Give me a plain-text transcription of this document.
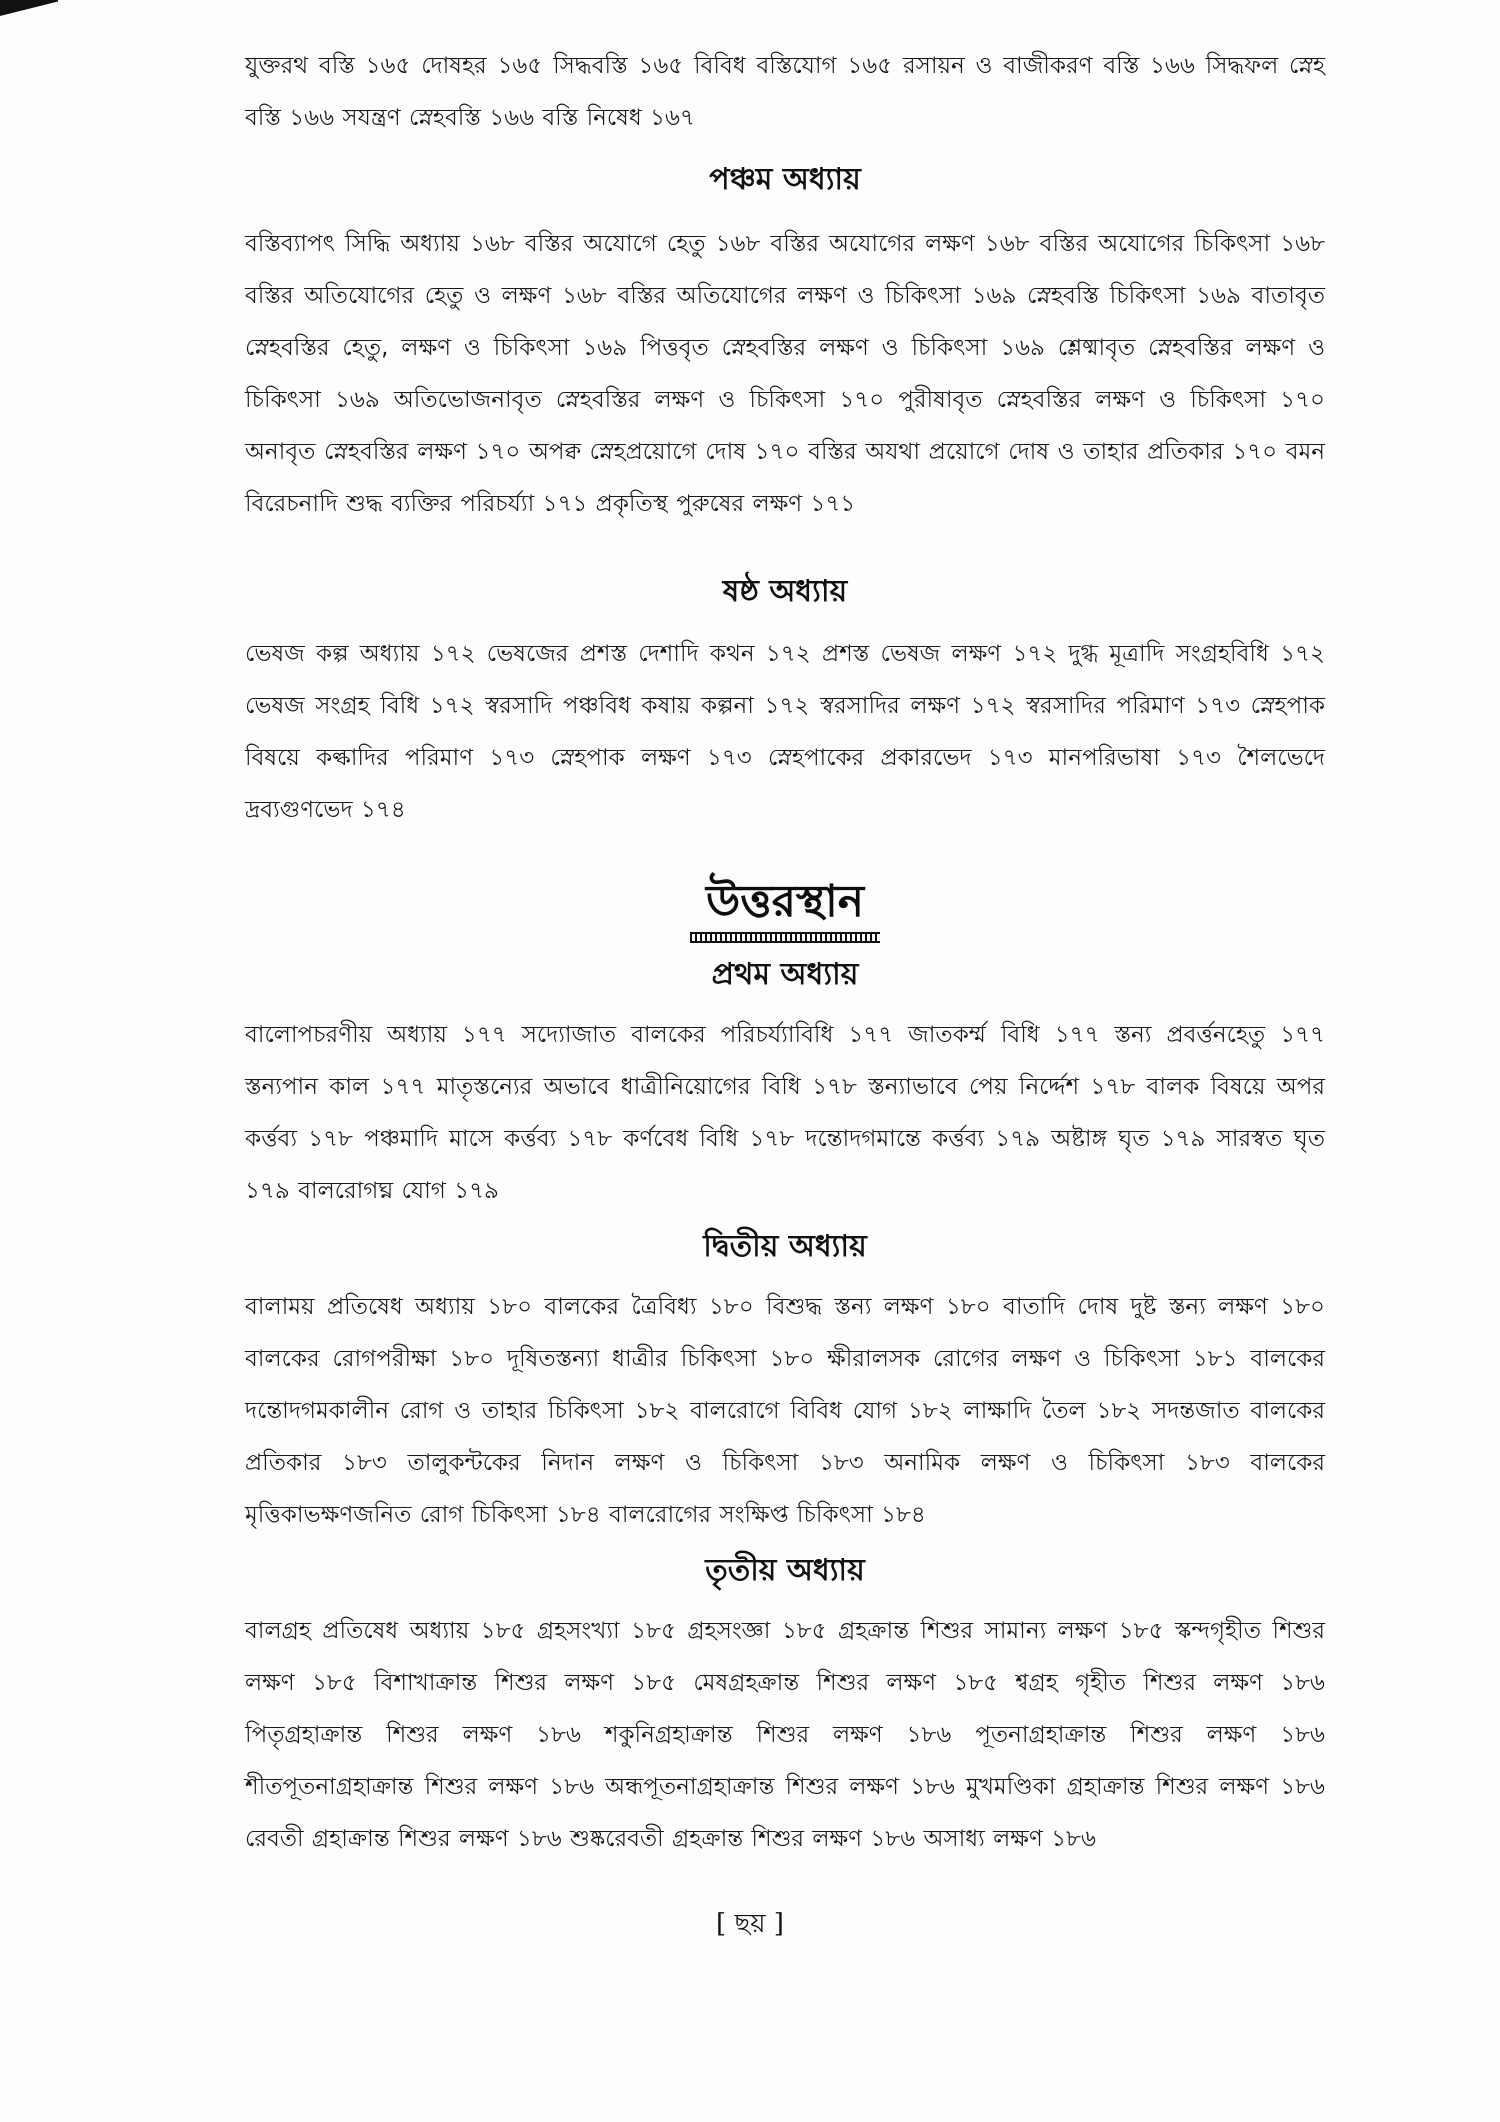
যুক্তরথ বস্তি ১৬৫ দোষহর ১৬৫ সিদ্ধবস্তি ১৬৫ বিবিধ বস্তিযোগ ১৬৫ রসায়ন ও বাজীকরণ বস্তি ১৬৬ সিদ্ধফল স্নেহ বস্তি ১৬৬ সযন্ত্রণ স্নেহবস্তি ১৬৬ বস্তি নিষেধ ১৬৭

পঞ্চম অধ্যায়

বস্তিব্যাপৎ সিদ্ধি অধ্যায় ১৬৮ বস্তির অযোগে হেতু ১৬৮ বস্তির অযোগের লক্ষণ ১৬৮ বস্তির অযোগের চিকিৎসা ১৬৮ বস্তির অতিযোগের হেতু ও লক্ষণ ১৬৮ বস্তির অতিযোগের লক্ষণ ও চিকিৎসা ১৬৯ স্নেহবস্তি চিকিৎসা ১৬৯ বাতাবৃত স্নেহবস্তির হেতু, লক্ষণ ও চিকিৎসা ১৬৯ পিত্তবৃত স্নেহবস্তির লক্ষণ ও চিকিৎসা ১৬৯ শ্লেষ্মাবৃত স্নেহবস্তির লক্ষণ ও চিকিৎসা ১৬৯ অতিভোজনাবৃত স্নেহবস্তির লক্ষণ ও চিকিৎসা ১৭০ পুরীষাবৃত স্নেহবস্তির লক্ষণ ও চিকিৎসা ১৭০ অনাবৃত স্নেহবস্তির লক্ষণ ১৭০ অপক্ব স্নেহপ্রয়োগে দোষ ১৭০ বস্তির অযথা প্রয়োগে দোষ ও তাহার প্রতিকার ১৭০ বমন বিরেচনাদি শুদ্ধ ব্যক্তির পরিচর্য্যা ১৭১ প্রকৃতিস্থ পুরুষের লক্ষণ ১৭১

ষষ্ঠ অধ্যায়

ভেষজ কল্প অধ্যায় ১৭২ ভেষজের প্রশস্ত দেশাদি কথন ১৭২ প্রশস্ত ভেষজ লক্ষণ ১৭২ দুগ্ধ মূত্রাদি সংগ্রহবিধি ১৭২ ভেষজ সংগ্রহ বিধি ১৭২ স্বরসাদি পঞ্চবিধ কষায় কল্পনা ১৭২ স্বরসাদির লক্ষণ ১৭২ স্বরসাদির পরিমাণ ১৭৩ স্নেহপাক বিষয়ে কল্কাদির পরিমাণ ১৭৩ স্নেহপাক লক্ষণ ১৭৩ স্নেহপাকের প্রকারভেদ ১৭৩ মানপরিভাষা ১৭৩ শৈলভেদে দ্রব্যগুণভেদ ১৭৪

উত্তরস্থান
প্রথম অধ্যায়

বালোপচরণীয় অধ্যায় ১৭৭ সদ্যোজাত বালকের পরিচর্য্যাবিধি ১৭৭ জাতকর্ম্ম বিধি ১৭৭ স্তন্য প্রবর্ত্তনহেতু ১৭৭ স্তন্যপান কাল ১৭৭ মাতৃস্তন্যের অভাবে ধাত্রীনিয়োগের বিধি ১৭৮ স্তন্যাভাবে পেয় নির্দ্দেশ ১৭৮ বালক বিষয়ে অপর কর্ত্তব্য ১৭৮ পঞ্চমাদি মাসে কর্ত্তব্য ১৭৮ কর্ণবেধ বিধি ১৭৮ দন্তোদগমান্তে কর্ত্তব্য ১৭৯ অষ্টাঙ্গ ঘৃত ১৭৯ সারস্বত ঘৃত ১৭৯ বালরোগঘ্ন যোগ ১৭৯

দ্বিতীয় অধ্যায়

বালাময় প্রতিষেধ অধ্যায় ১৮০ বালকের ত্রৈবিধ্য ১৮০ বিশুদ্ধ স্তন্য লক্ষণ ১৮০ বাতাদি দোষ দুষ্ট স্তন্য লক্ষণ ১৮০ বালকের রোগপরীক্ষা ১৮০ দূষিতস্তন্যা ধাত্রীর চিকিৎসা ১৮০ ক্ষীরালসক রোগের লক্ষণ ও চিকিৎসা ১৮১ বালকের দন্তোদগমকালীন রোগ ও তাহার চিকিৎসা ১৮২ বালরোগে বিবিধ যোগ ১৮২ লাক্ষাদি তৈল ১৮২ সদন্তজাত বালকের প্রতিকার ১৮৩ তালুকন্টকের নিদান লক্ষণ ও চিকিৎসা ১৮৩ অনামিক লক্ষণ ও চিকিৎসা ১৮৩ বালকের মৃত্তিকাভক্ষণজনিত রোগ চিকিৎসা ১৮৪ বালরোগের সংক্ষিপ্ত চিকিৎসা ১৮৪

তৃতীয় অধ্যায়

বালগ্রহ প্রতিষেধ অধ্যায় ১৮৫ গ্রহসংখ্যা ১৮৫ গ্রহসংজ্ঞা ১৮৫ গ্রহক্রান্ত শিশুর সামান্য লক্ষণ ১৮৫ স্কন্দগৃহীত শিশুর লক্ষণ ১৮৫ বিশাখাক্রান্ত শিশুর লক্ষণ ১৮৫ মেষগ্রহক্রান্ত শিশুর লক্ষণ ১৮৫ শ্বগ্রহ গৃহীত শিশুর লক্ষণ ১৮৬ পিতৃগ্রহাক্রান্ত শিশুর লক্ষণ ১৮৬ শকুনিগ্রহাক্রান্ত শিশুর লক্ষণ ১৮৬ পূতনাগ্রহাক্রান্ত শিশুর লক্ষণ ১৮৬ শীতপূতনাগ্রহাক্রান্ত শিশুর লক্ষণ ১৮৬ অন্ধপূতনাগ্রহাক্রান্ত শিশুর লক্ষণ ১৮৬ মুখমণ্ডিকা গ্রহাক্রান্ত শিশুর লক্ষণ ১৮৬ রেবতী গ্রহাক্রান্ত শিশুর লক্ষণ ১৮৬ শুষ্করেবতী গ্রহক্রান্ত শিশুর লক্ষণ ১৮৬ অসাধ্য লক্ষণ ১৮৬

[ ছয় ]
